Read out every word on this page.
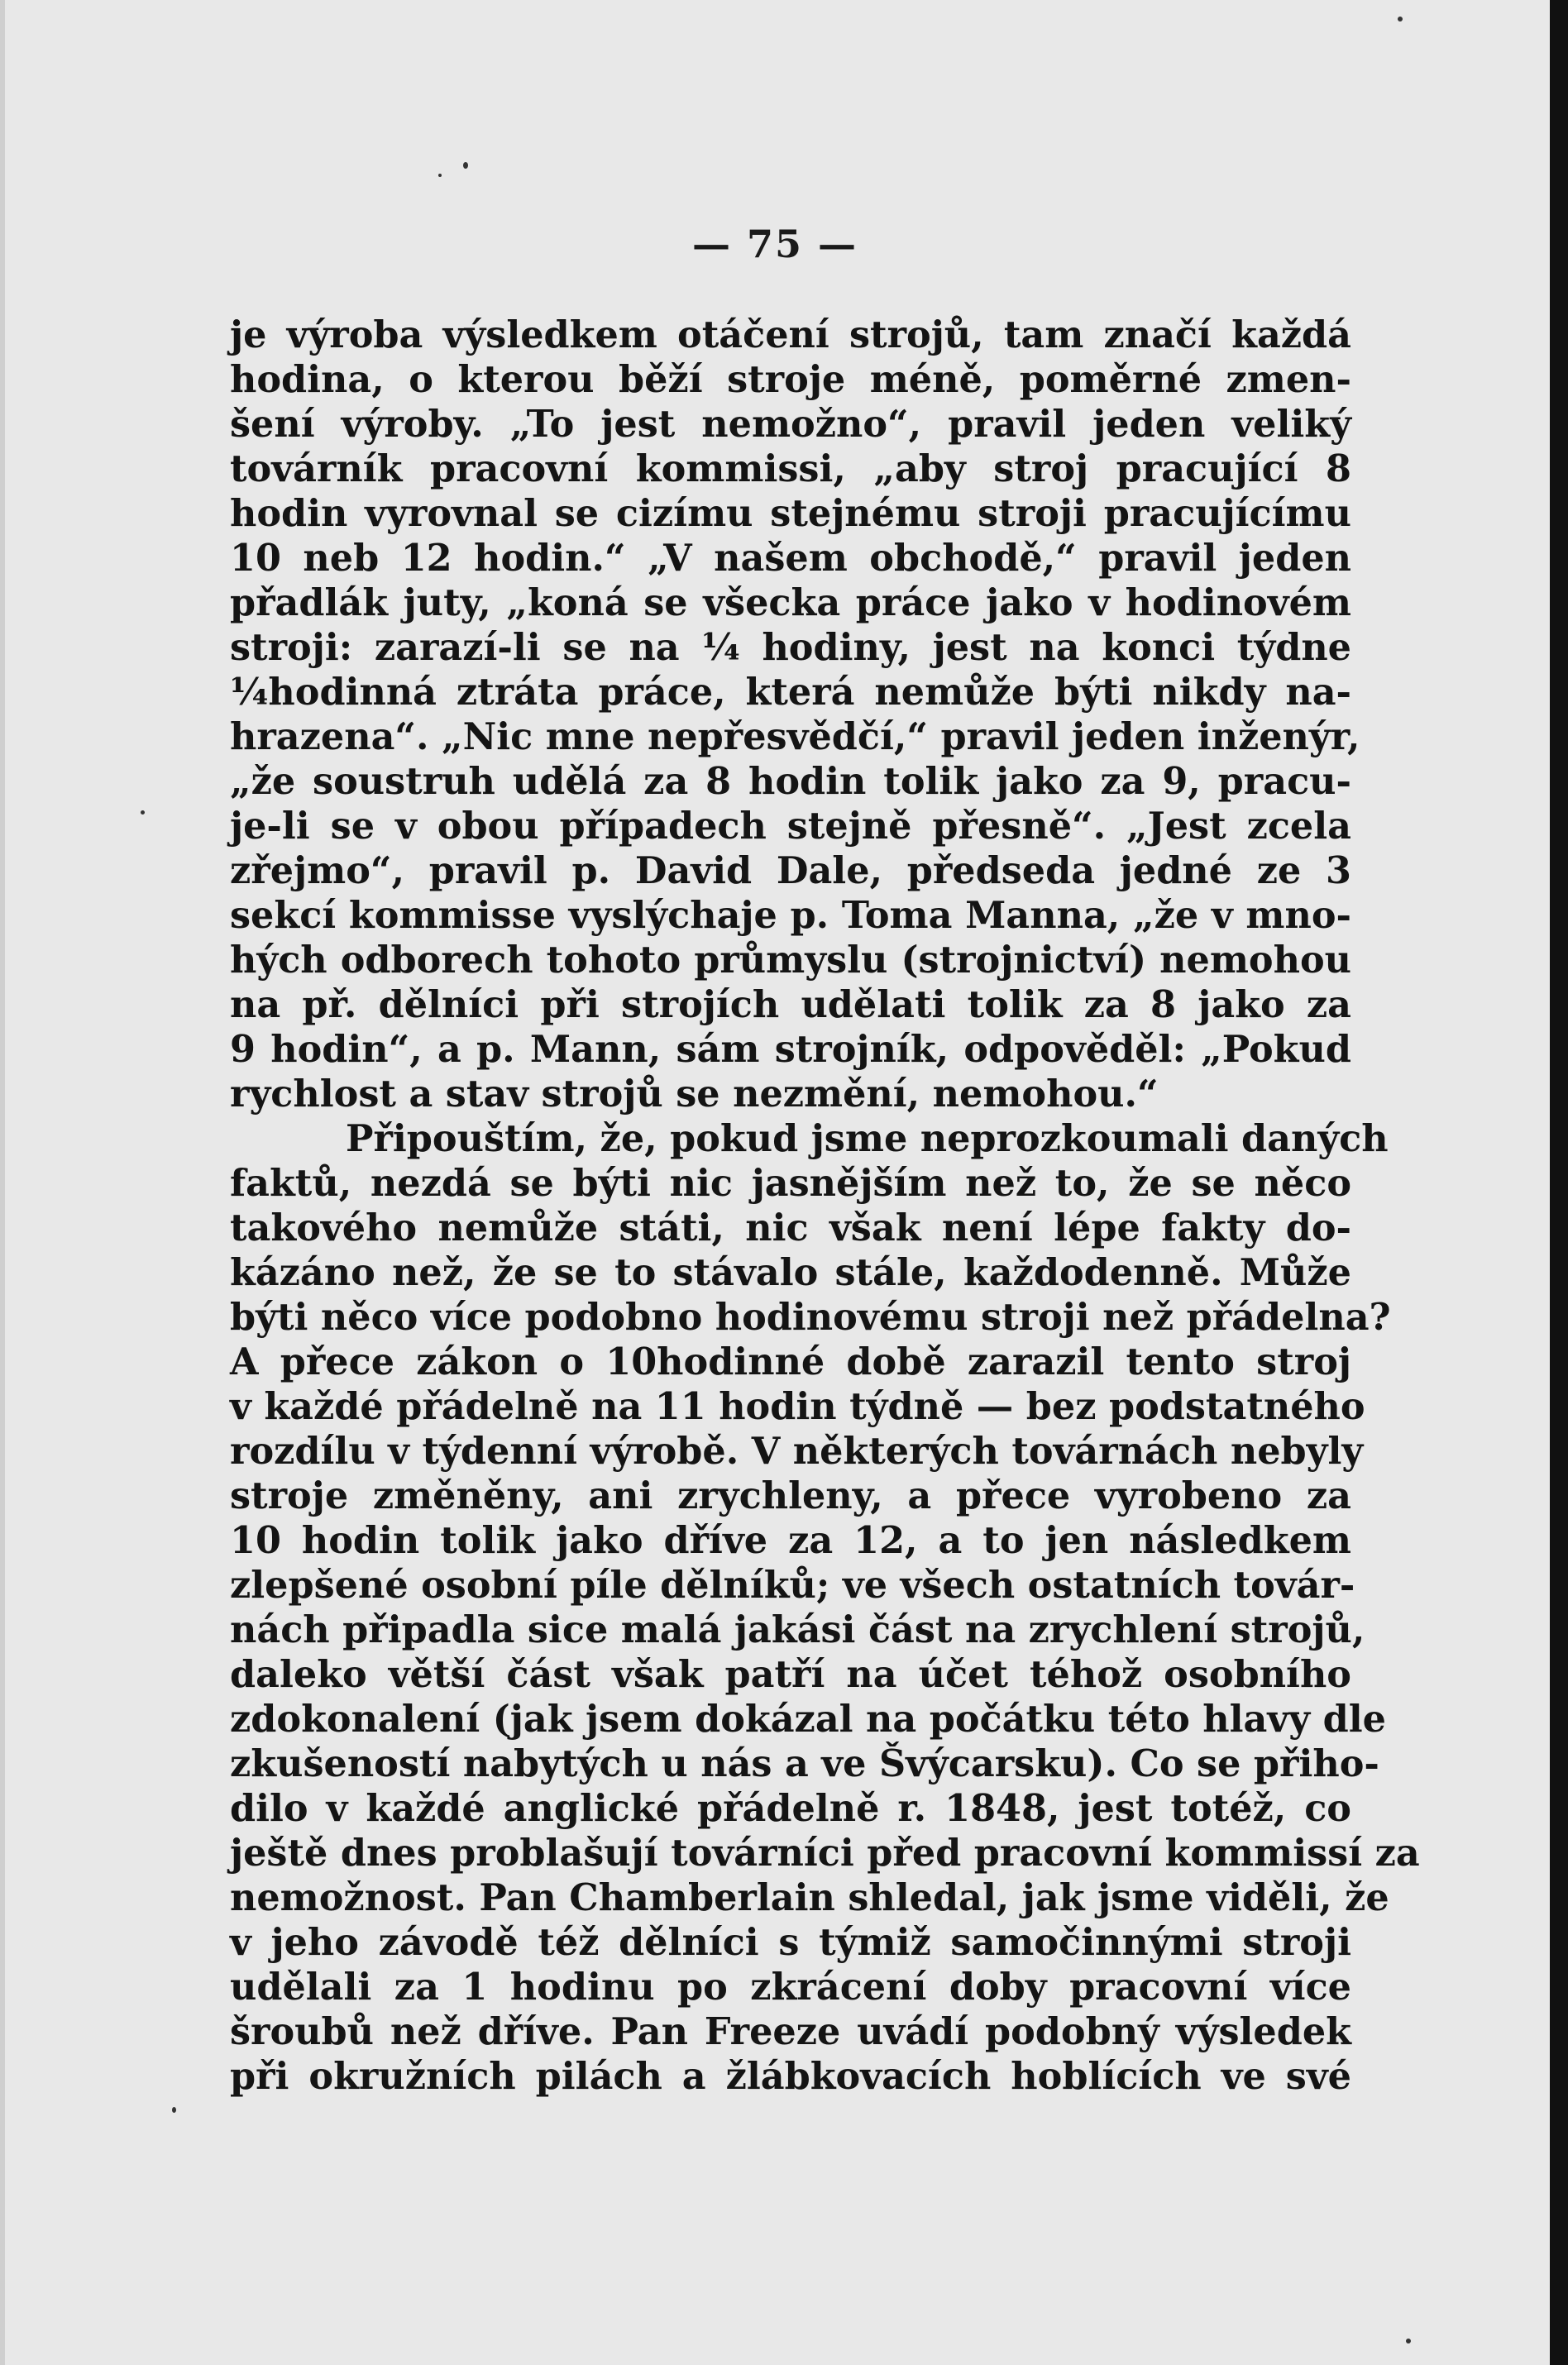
— 75 —
je výroba výsledkem otáčení strojů, tam značí každá
hodina, o kterou běží stroje méně, poměrné zmen-
šení výroby. „To jest nemožno“, pravil jeden veliký
továrník pracovní kommissi, „aby stroj pracující 8
hodin vyrovnal se cizímu stejnému stroji pracujícímu
10 neb 12 hodin.“ „V našem obchodě,“ pravil jeden
přadlák juty, „koná se všecka práce jako v hodinovém
stroji: zarazí-li se na ¼ hodiny, jest na konci týdne
¼hodinná ztráta práce, která nemůže býti nikdy na-
hrazena“. „Nic mne nepřesvědčí,“ pravil jeden inženýr,
„že soustruh udělá za 8 hodin tolik jako za 9, pracu-
je-li se v obou případech stejně přesně“. „Jest zcela
zřejmo“, pravil p. David Dale, předseda jedné ze 3
sekcí kommisse vyslýchaje p. Toma Manna, „že v mno-
hých odborech tohoto průmyslu (strojnictví) nemohou
na př. dělníci při strojích udělati tolik za 8 jako za
9 hodin“, a p. Mann, sám strojník, odpověděl: „Pokud
rychlost a stav strojů se nezmění, nemohou.“
Připouštím, že, pokud jsme neprozkoumali daných
faktů, nezdá se býti nic jasnějším než to, že se něco
takového nemůže státi, nic však není lépe fakty do-
kázáno než, že se to stávalo stále, každodenně. Může
býti něco více podobno hodinovému stroji než přádelna?
A přece zákon o 10hodinné době zarazil tento stroj
v každé přádelně na 11 hodin týdně — bez podstatného
rozdílu v týdenní výrobě. V některých továrnách nebyly
stroje změněny, ani zrychleny, a přece vyrobeno za
10 hodin tolik jako dříve za 12, a to jen následkem
zlepšené osobní píle dělníků; ve všech ostatních továr-
nách připadla sice malá jakási část na zrychlení strojů,
daleko větší část však patří na účet téhož osobního
zdokonalení (jak jsem dokázal na počátku této hlavy dle
zkušeností nabytých u nás a ve Švýcarsku). Co se přiho-
dilo v každé anglické přádelně r. 1848, jest totéž, co
ještě dnes problašují továrníci před pracovní kommissí za
nemožnost. Pan Chamberlain shledal, jak jsme viděli, že
v jeho závodě též dělníci s týmiž samočinnými stroji
udělali za 1 hodinu po zkrácení doby pracovní více
šroubů než dříve. Pan Freeze uvádí podobný výsledek
při okružních pilách a žlábkovacích hoblících ve své
